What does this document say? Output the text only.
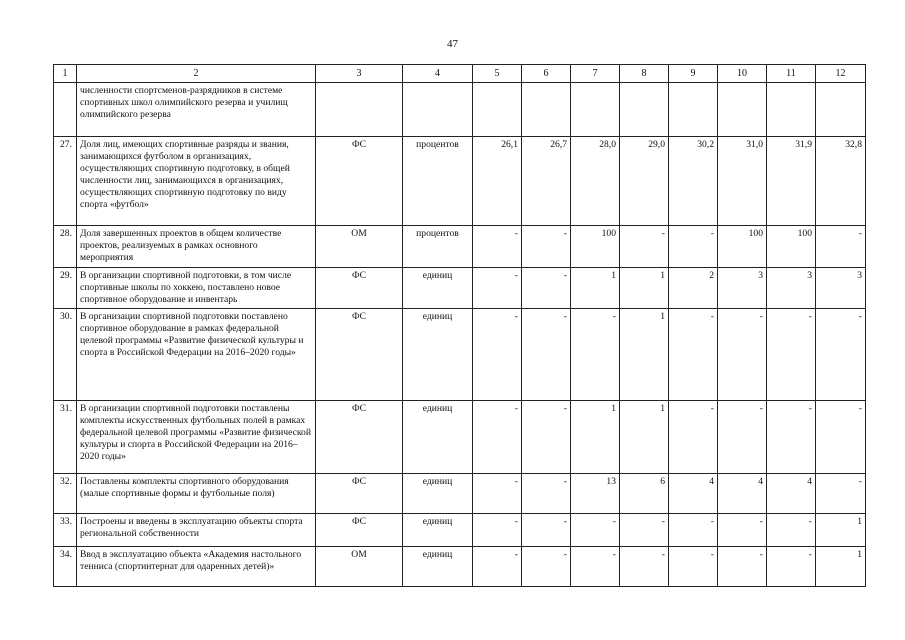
47
1	2	3	4	5	6	7	8	9	10	11	12
	численности спортсменов-разрядников в системе спортивных школ олимпийского резерва и училищ олимпийского резерва										
27.	Доля лиц, имеющих спортивные разряды и звания, занимающихся футболом в организациях, осуществляющих спортивную подготовку, в общей численности лиц, занимающихся в организациях, осуществляющих спортивную подготовку по виду спорта «футбол»	ФС	процентов	26,1	26,7	28,0	29,0	30,2	31,0	31,9	32,8
28.	Доля завершенных проектов в общем количестве проектов, реализуемых в рамках основного мероприятия	ОМ	процентов	-	-	100	-	-	100	100	-
29.	В организации спортивной подготовки, в том числе спортивные школы по хоккею, поставлено новое спортивное оборудование и инвентарь	ФС	единиц	-	-	1	1	2	3	3	3
30.	В организации спортивной подготовки поставлено спортивное оборудование в рамках федеральной целевой программы «Развитие физической культуры и спорта в Российской Федерации на 2016–2020 годы»	ФС	единиц	-	-	-	1	-	-	-	-
31.	В организации спортивной подготовки поставлены комплекты искусственных футбольных полей в рамках федеральной целевой программы «Развитие физической культуры и спорта в Российской Федерации на 2016–2020 годы»	ФС	единиц	-	-	1	1	-	-	-	-
32.	Поставлены комплекты спортивного оборудования (малые спортивные формы и футбольные поля)	ФС	единиц	-	-	13	6	4	4	4	-
33.	Построены и введены в эксплуатацию объекты спорта региональной собственности	ФС	единиц	-	-	-	-	-	-	-	1
34.	Ввод в эксплуатацию объекта «Академия настольного тенниса (спортинтернат для одаренных детей)»	ОМ	единиц	-	-	-	-	-	-	-	1
